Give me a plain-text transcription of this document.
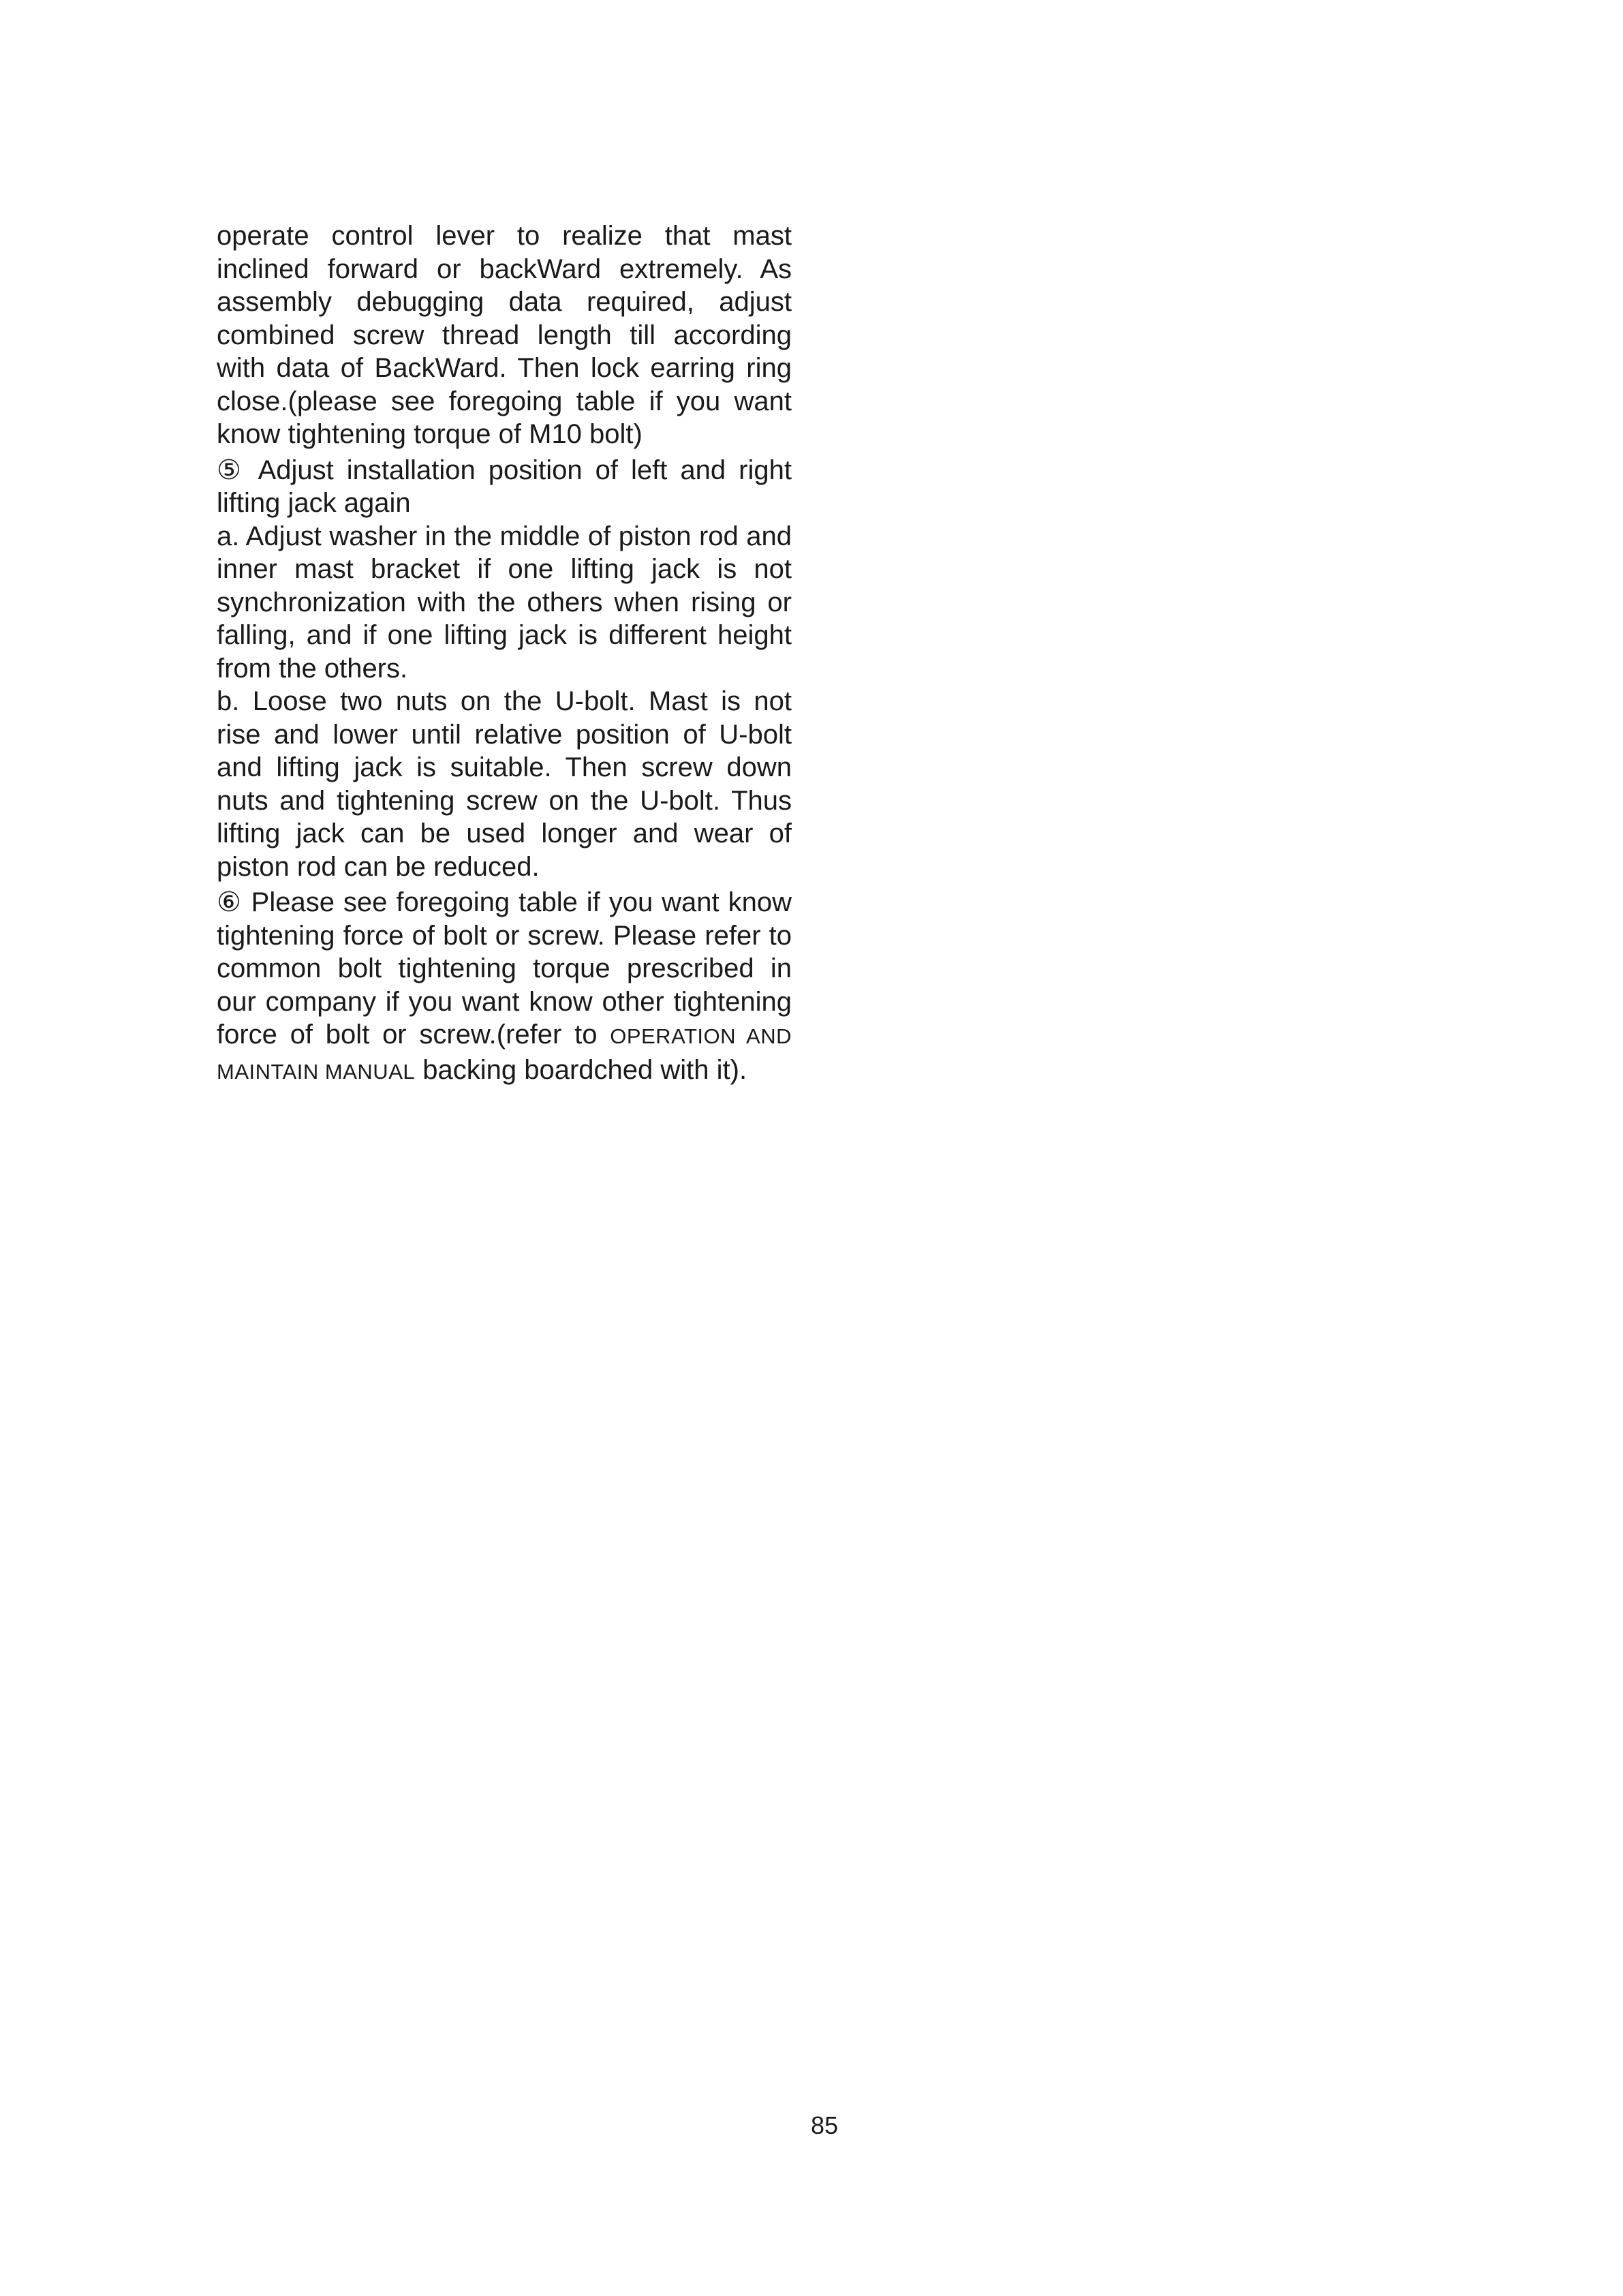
operate control lever to realize that mast inclined forward or backWard extremely. As assembly debugging data required, adjust combined screw thread length till according with data of BackWard. Then lock earring ring close.(please see foregoing table if you want know tightening torque of M10 bolt)

⑤ Adjust installation position of left and right lifting jack again

a. Adjust washer in the middle of piston rod and inner mast bracket if one lifting jack is not synchronization with the others when rising or falling, and if one lifting jack is different height from the others.

b. Loose two nuts on the U-bolt. Mast is not rise and lower until relative position of U-bolt and lifting jack is suitable. Then screw down nuts and tightening screw on the U-bolt. Thus lifting jack can be used longer and wear of piston rod can be reduced.

⑥ Please see foregoing table if you want know tightening force of bolt or screw. Please refer to common bolt tightening torque prescribed in our company if you want know other tightening force of bolt or screw.(refer to OPERATION AND MAINTAIN MANUAL backing boardched with it).

85
